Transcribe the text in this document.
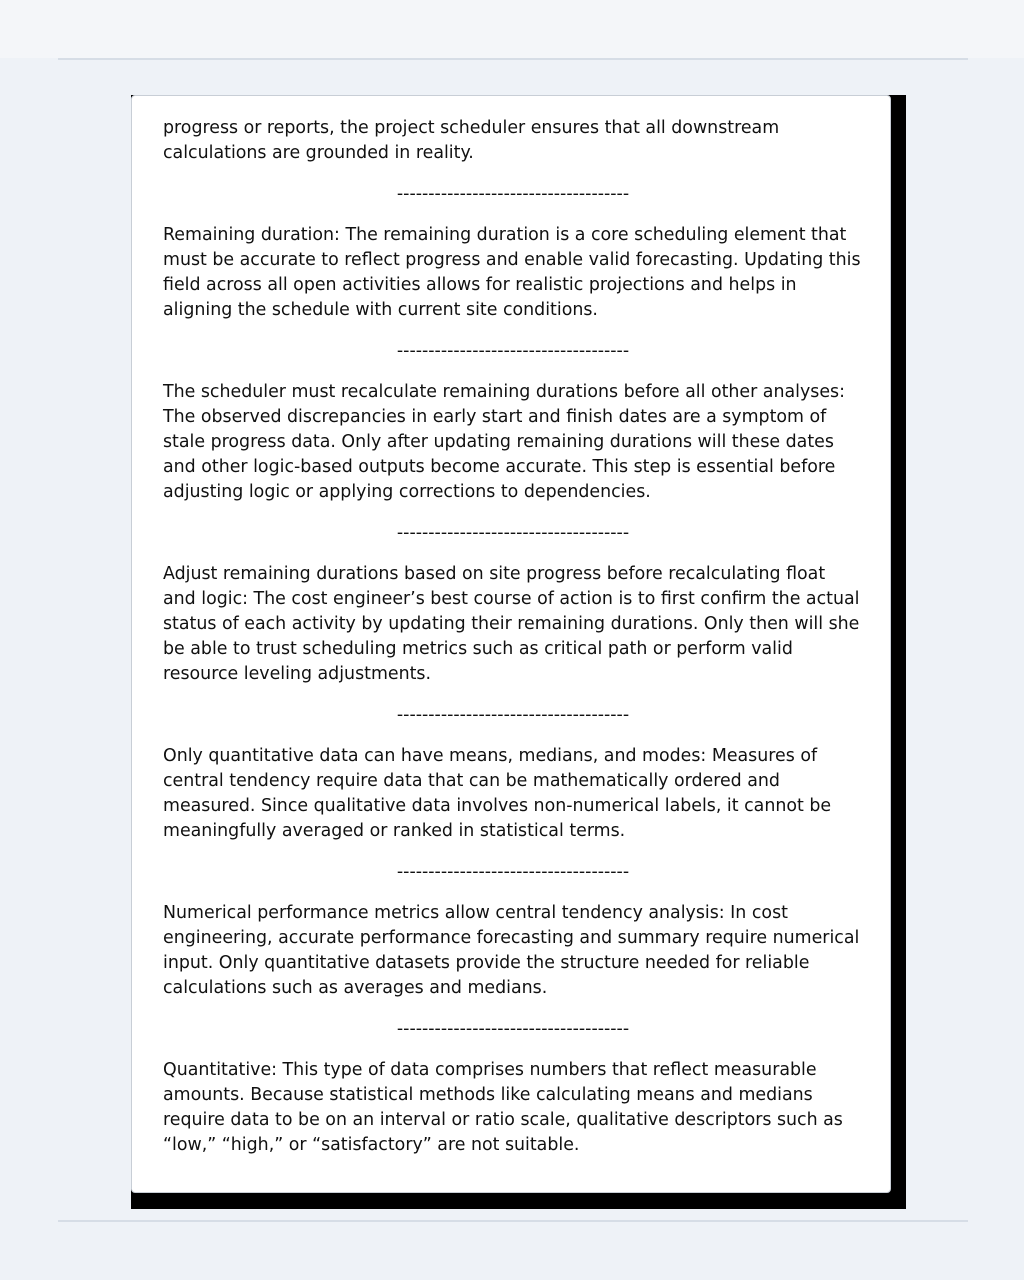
progress or reports, the project scheduler ensures that all downstream calculations are grounded in reality.

-------------------------------------

Remaining duration: The remaining duration is a core scheduling element that must be accurate to reflect progress and enable valid forecasting. Updating this field across all open activities allows for realistic projections and helps in aligning the schedule with current site conditions.

-------------------------------------

The scheduler must recalculate remaining durations before all other analyses: The observed discrepancies in early start and finish dates are a symptom of stale progress data. Only after updating remaining durations will these dates and other logic-based outputs become accurate. This step is essential before adjusting logic or applying corrections to dependencies.

-------------------------------------

Adjust remaining durations based on site progress before recalculating float and logic: The cost engineer’s best course of action is to first confirm the actual status of each activity by updating their remaining durations. Only then will she be able to trust scheduling metrics such as critical path or perform valid resource leveling adjustments.

-------------------------------------

Only quantitative data can have means, medians, and modes: Measures of central tendency require data that can be mathematically ordered and measured. Since qualitative data involves non-numerical labels, it cannot be meaningfully averaged or ranked in statistical terms.

-------------------------------------

Numerical performance metrics allow central tendency analysis: In cost engineering, accurate performance forecasting and summary require numerical input. Only quantitative datasets provide the structure needed for reliable calculations such as averages and medians.

-------------------------------------

Quantitative: This type of data comprises numbers that reflect measurable amounts. Because statistical methods like calculating means and medians require data to be on an interval or ratio scale, qualitative descriptors such as “low,” “high,” or “satisfactory” are not suitable.
